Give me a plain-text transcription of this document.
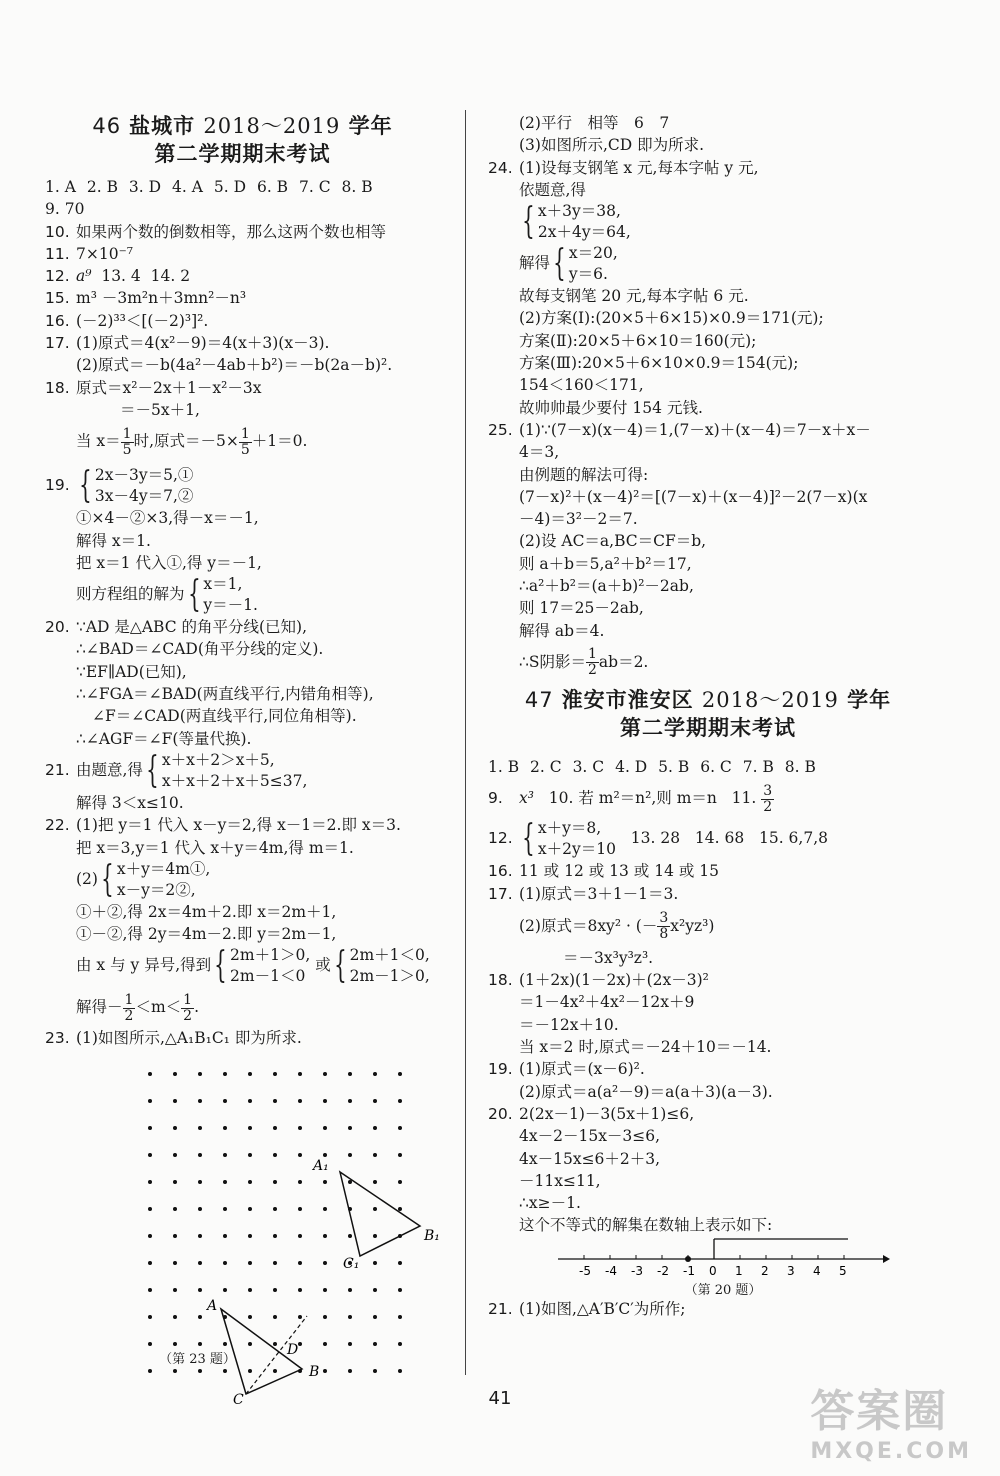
46 盐城市 2018～2019 学年
第二学期期末考试
1. A 2. B 3. D 4. A 5. D 6. B 7. C 8. B
9. 70
10. 如果两个数的倒数相等，那么这两个数也相等
11. 7×10⁻⁷
12. a⁹ 13. 4 14. 2
15. m³ －3m²n＋3mn²－n³
16. (－2)³³＜[(－2)³]².
17. (1)原式＝4(x²－9)＝4(x＋3)(x－3).
(2)原式＝－b(4a²－4ab＋b²)＝－b(2a－b)².
18. 原式＝x²－2x＋1－x²－3x
＝－5x＋1,
当 $x= \frac{1}{5}$ 时,原式$=-5\times \frac{1}{5} +1=0$.
19. { 2x－3y＝5,①
3x－4y＝7,②
①×4－②×3,得－x＝－1,
解得 x＝1.
把 x＝1 代入①,得 y＝－1,
则方程组的解为{ x＝1,
y＝－1.
20. ∵AD 是△ABC 的角平分线(已知),
∴∠BAD＝∠CAD(角平分线的定义).
∵EF∥AD(已知),
∴∠FGA＝∠BAD(两直线平行,内错角相等),
∠F＝∠CAD(两直线平行,同位角相等).
∴∠AGF＝∠F(等量代换).
21. 由题意,得{ x＋x＋2＞x＋5,
x＋x＋2＋x＋5≤37,
解得 3＜x≤10.
22. (1)把 y＝1 代入 x－y＝2,得 x－1＝2.即 x＝3.
把 x＝3,y＝1 代入 x＋y＝4m,得 m＝1.
(2){ x＋y＝4m①,
x－y＝2②,
①＋②,得 2x＝4m＋2.即 x＝2m＋1,
①－②,得 2y＝4m－2.即 y＝2m－1,
由 x 与 y 异号,得到{ 2m＋1＞0,
2m－1＜0
或{ 2m＋1＜0,
2m－1＞0,
解得－ $\frac{1}{2} <m< \frac{1}{2}$ .
23. (1)如图所示,△A₁B₁C₁ 即为所求.
A₁
B₁
C₁
A
B
C
D
（第 23 题）
(2)平行　相等　6　7
(3)如图所示,CD 即为所求.
24. (1)设每支钢笔 x 元,每本字帖 y 元,
依题意,得
{ x＋3y＝38,
2x＋4y＝64,
解得{ x＝20,
y＝6.
故每支钢笔 20 元,每本字帖 6 元.
(2)方案(Ⅰ):(20×5＋6×15)×0.9＝171(元);
方案(Ⅱ):20×5＋6×10＝160(元);
方案(Ⅲ):20×5＋6×10×0.9＝154(元);
154＜160＜171,
故帅帅最少要付 154 元钱.
25. (1)∵(7－x)(x－4)＝1,(7－x)＋(x－4)＝7－x＋x－
4＝3,
由例题的解法可得:
(7－x)²＋(x－4)²＝[(7－x)＋(x－4)]²－2(7－x)(x
－4)＝3²－2＝7.
(2)设 AC＝a,BC＝CF＝b,
则 a＋b＝5,a²＋b²＝17,
∴a²＋b²＝(a＋b)²－2ab,
则 17＝25－2ab,
解得 ab＝4.
∴S阴影＝ $\frac{1}{2} ab=2$.
47 淮安市淮安区 2018～2019 学年
第二学期期末考试
1. B 2. C 3. C 4. D 5. B 6. C 7. B 8. B
9. x³   10. 若 m²＝n²,则 m＝n   11. $\frac{3}{2}$
12. { x＋y＝8,
x＋2y＝10
13. 28 14. 68 15. 6,7,8
16. 11 或 12 或 13 或 14 或 15
17. (1)原式＝3＋1－1＝3.
(2)原式＝8xy² · (－ $\frac{3}{8} x^2yz^3$)
＝－3x³y³z³.
18. (1＋2x)(1－2x)＋(2x－3)²
＝1－4x²＋4x²－12x＋9
＝－12x＋10.
当 x＝2 时,原式＝－24＋10＝－14.
19. (1)原式＝(x－6)².
(2)原式＝a(a²－9)＝a(a＋3)(a－3).
20. 2(2x－1)－3(5x＋1)≤6,
4x－2－15x－3≤6,
4x－15x≤6＋2＋3,
－11x≤11,
∴x≥－1.
这个不等式的解集在数轴上表示如下:
-5 -4 -3 -2 -1 0 1 2 3 4 5
（第 20 题）
21. (1)如图,△A′B′C′为所作;
41	答案圈
MXQE.COM
